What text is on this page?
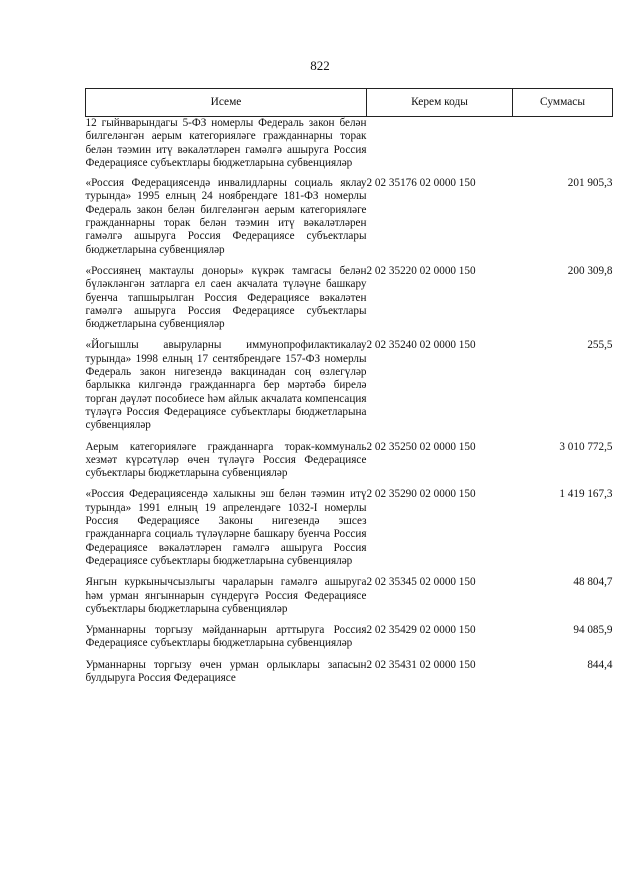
822
Исеме	Керем коды	Суммасы
12 гыйнварындагы 5-ФЗ номерлы Федераль закон белән билгеләнгән аерым категорияләге гражданнарны торак белән тәэмин итү вәкаләтләрен гамәлгә ашыруга Россия Федерациясе субъектлары бюджетларына субвенцияләр		
«Россия Федерациясендә инвалидларны социаль яклау турында» 1995 елның 24 ноябрендәге 181-ФЗ номерлы Федераль закон белән билгеләнгән аерым категорияләге гражданнарны торак белән тәэмин итү вәкаләтләрен гамәлгә ашыруга Россия Федерациясе субъектлары бюджетларына субвенцияләр	2 02 35176 02 0000 150	201 905,3
«Россиянең мактаулы доноры» күкрәк тамгасы белән бүләкләнгән затларга ел саен акчалата түләүне башкару буенча тапшырылган Россия Федерациясе вәкаләтен гамәлгә ашыруга Россия Федерациясе субъектлары бюджетларына субвенцияләр	2 02 35220 02 0000 150	200 309,8
«Йогышлы авыруларны иммунопрофилактикалау турында» 1998 елның 17 сентябрендәге 157-ФЗ номерлы Федераль закон нигезендә вакцинадан соң өзлегүләр барлыкка килгәндә гражданнарга бер мәртәбә бирелә торган дәүләт пособиесе һәм айлык акчалата компенсация түләүгә Россия Федерациясе субъектлары бюджетларына субвенцияләр	2 02 35240 02 0000 150	255,5
Аерым категорияләге гражданнарга торак-коммуналь хезмәт күрсәтүләр өчен түләүгә Россия Федерациясе субъектлары бюджетларына субвенцияләр	2 02 35250 02 0000 150	3 010 772,5
«Россия Федерациясендә халыкны эш белән тәэмин итү турында» 1991 елның 19 апрелендәге 1032-I номерлы Россия Федерациясе Законы нигезендә эшсез гражданнарга социаль түләүләрне башкару буенча Россия Федерациясе вәкаләтләрен гамәлгә ашыруга Россия Федерациясе субъектлары бюджетларына субвенцияләр	2 02 35290 02 0000 150	1 419 167,3
Янгын куркынычсызлыгы чараларын гамәлгә ашыруга һәм урман янгыннарын сүндерүгә Россия Федерациясе субъектлары бюджетларына субвенцияләр	2 02 35345 02 0000 150	48 804,7
Урманнарны торгызу мәйданнарын арттыруга Россия Федерациясе субъектлары бюджетларына субвенцияләр	2 02 35429 02 0000 150	94 085,9
Урманнарны торгызу өчен урман орлыклары запасын булдыруга Россия Федерациясе	2 02 35431 02 0000 150	844,4
